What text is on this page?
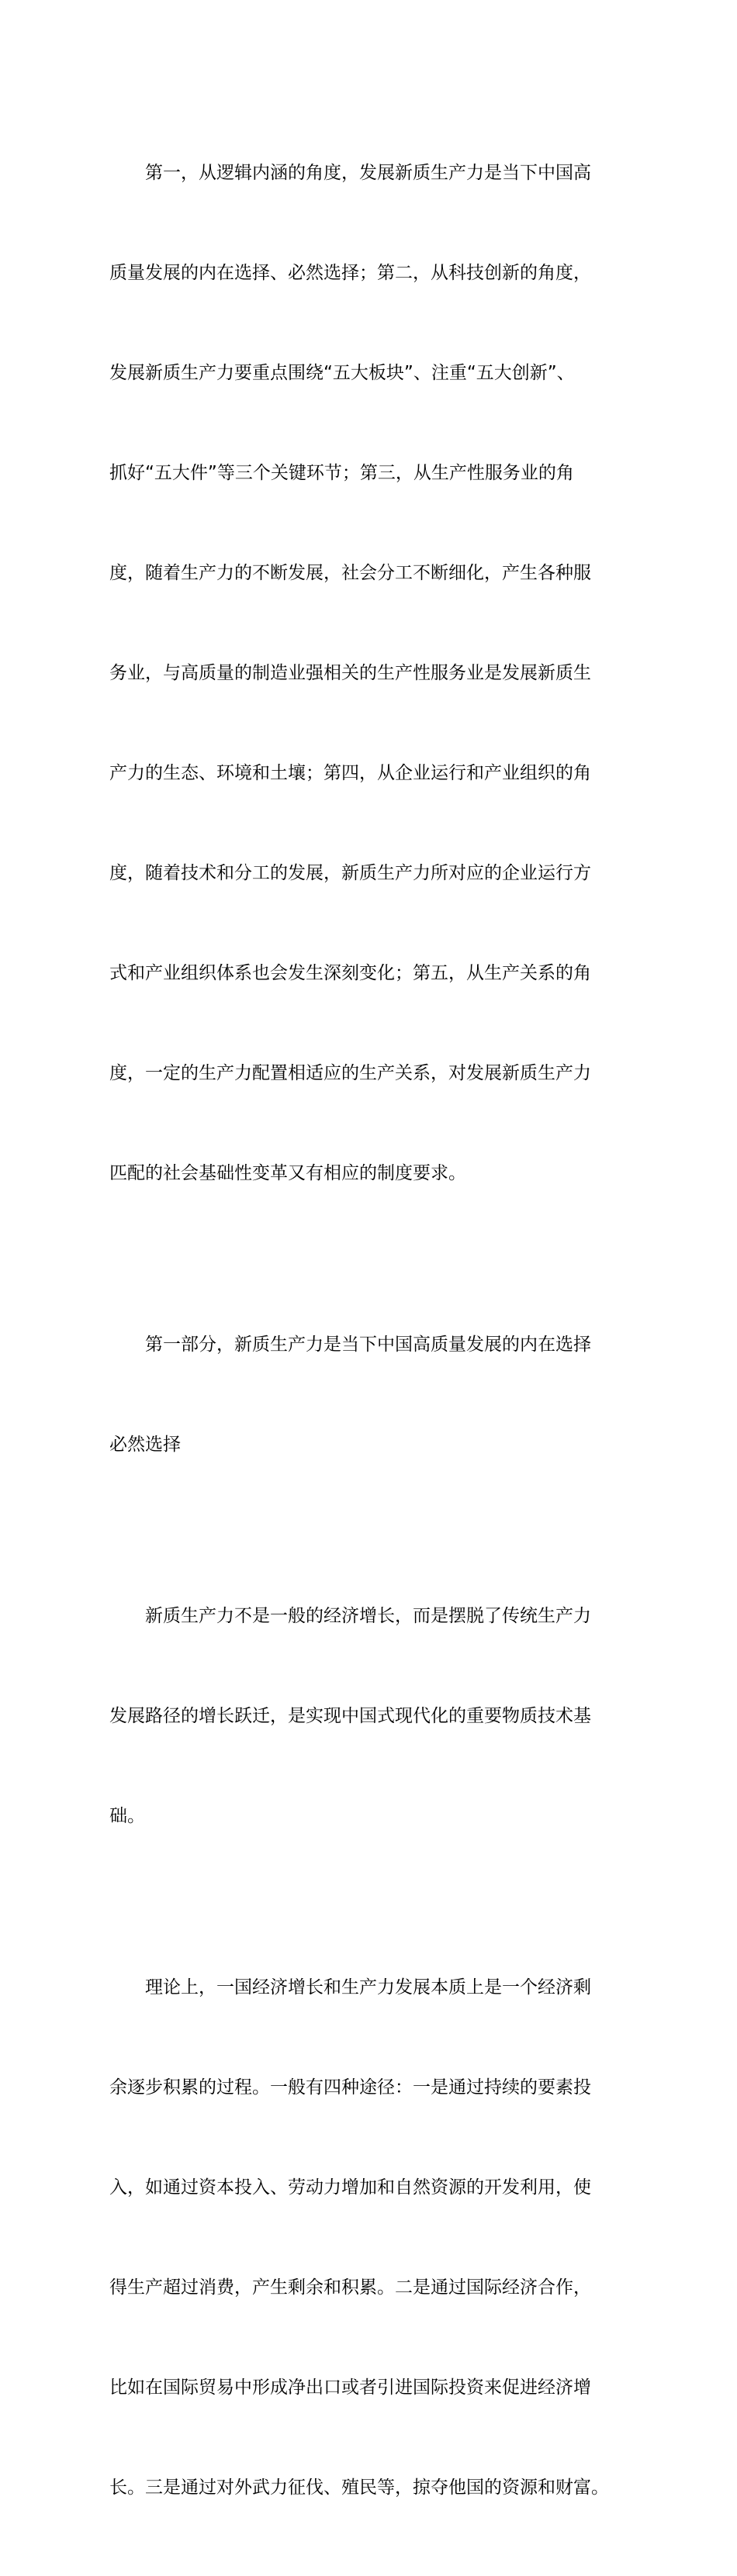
第一，从逻辑内涵的角度，发展新质生产力是当下中国高

质量发展的内在选择、必然选择；第二，从科技创新的角度，

发展新质生产力要重点围绕“五大板块”、注重“五大创新”、

抓好“五大件”等三个关键环节；第三，从生产性服务业的角

度，随着生产力的不断发展，社会分工不断细化，产生各种服

务业，与高质量的制造业强相关的生产性服务业是发展新质生

产力的生态、环境和土壤；第四，从企业运行和产业组织的角

度，随着技术和分工的发展，新质生产力所对应的企业运行方

式和产业组织体系也会发生深刻变化；第五，从生产关系的角

度，一定的生产力配置相适应的生产关系，对发展新质生产力

匹配的社会基础性变革又有相应的制度要求。

第一部分，新质生产力是当下中国高质量发展的内在选择

必然选择

新质生产力不是一般的经济增长，而是摆脱了传统生产力

发展路径的增长跃迁，是实现中国式现代化的重要物质技术基

础。

理论上，一国经济增长和生产力发展本质上是一个经济剩

余逐步积累的过程。一般有四种途径：一是通过持续的要素投

入，如通过资本投入、劳动力增加和自然资源的开发利用，使

得生产超过消费，产生剩余和积累。二是通过国际经济合作，

比如在国际贸易中形成净出口或者引进国际投资来促进经济增

长。三是通过对外武力征伐、殖民等，掠夺他国的资源和财富。
